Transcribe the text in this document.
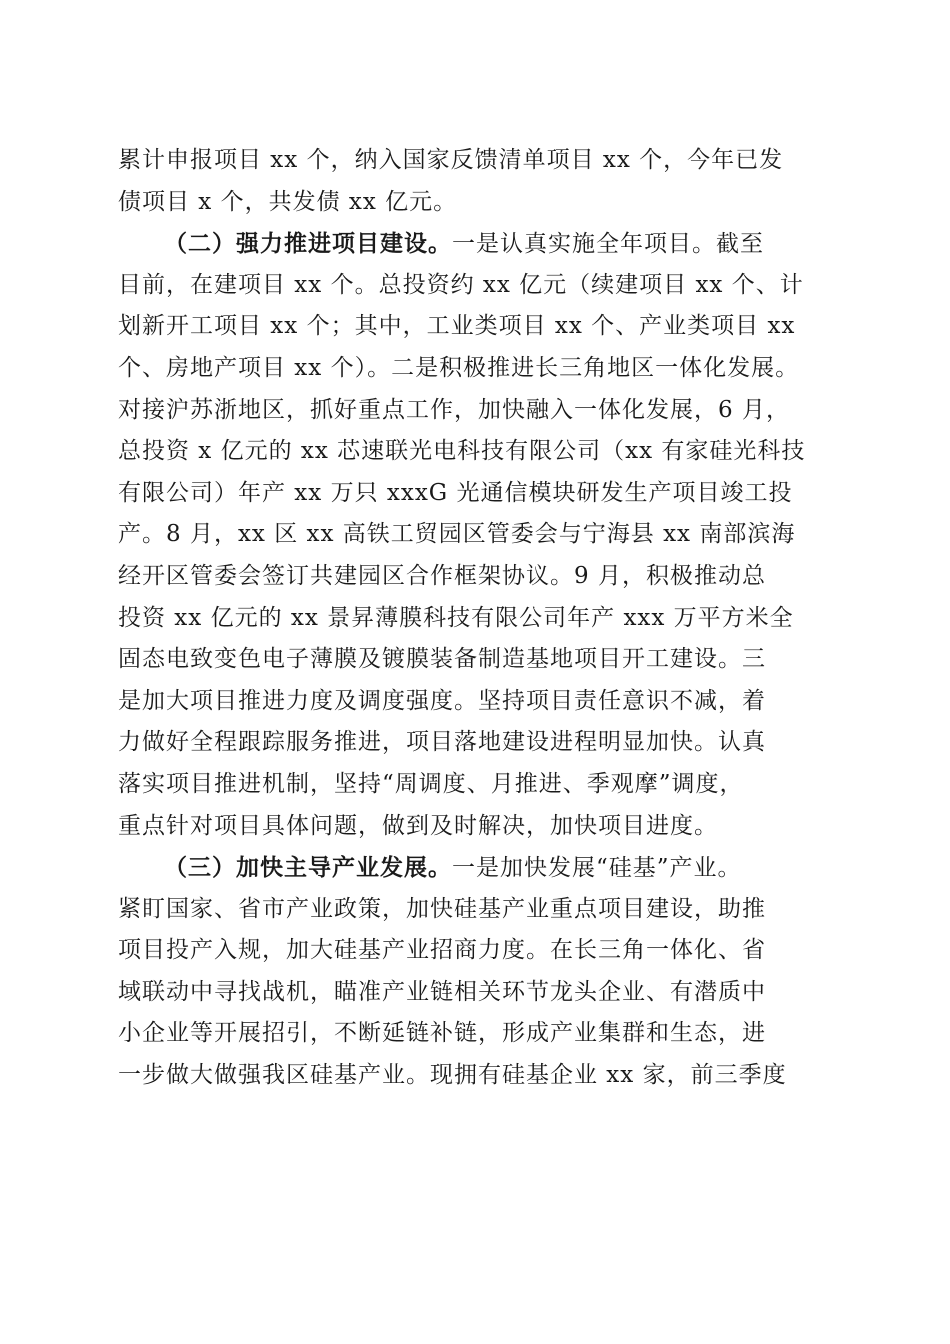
累计申报项目 xx 个，纳入国家反馈清单项目 xx 个，今年已发
债项目 x 个，共发债 xx 亿元。
（二）强力推进项目建设。一是认真实施全年项目。截至
目前，在建项目 xx 个。总投资约 xx 亿元（续建项目 xx 个、计
划新开工项目 xx 个；其中，工业类项目 xx 个、产业类项目 xx
个、房地产项目 xx 个）。二是积极推进长三角地区一体化发展。
对接沪苏浙地区，抓好重点工作，加快融入一体化发展，6 月，
总投资 x 亿元的 xx 芯速联光电科技有限公司（xx 有家硅光科技
有限公司）年产 xx 万只 xxxG 光通信模块研发生产项目竣工投
产。8 月，xx 区 xx 高铁工贸园区管委会与宁海县 xx 南部滨海
经开区管委会签订共建园区合作框架协议。9 月，积极推动总
投资 xx 亿元的 xx 景昇薄膜科技有限公司年产 xxx 万平方米全
固态电致变色电子薄膜及镀膜装备制造基地项目开工建设。三
是加大项目推进力度及调度强度。坚持项目责任意识不减，着
力做好全程跟踪服务推进，项目落地建设进程明显加快。认真
落实项目推进机制，坚持“周调度、月推进、季观摩”调度，
重点针对项目具体问题，做到及时解决，加快项目进度。
（三）加快主导产业发展。一是加快发展“硅基”产业。
紧盯国家、省市产业政策，加快硅基产业重点项目建设，助推
项目投产入规，加大硅基产业招商力度。在长三角一体化、省
域联动中寻找战机，瞄准产业链相关环节龙头企业、有潜质中
小企业等开展招引，不断延链补链，形成产业集群和生态，进
一步做大做强我区硅基产业。现拥有硅基企业 xx 家，前三季度
